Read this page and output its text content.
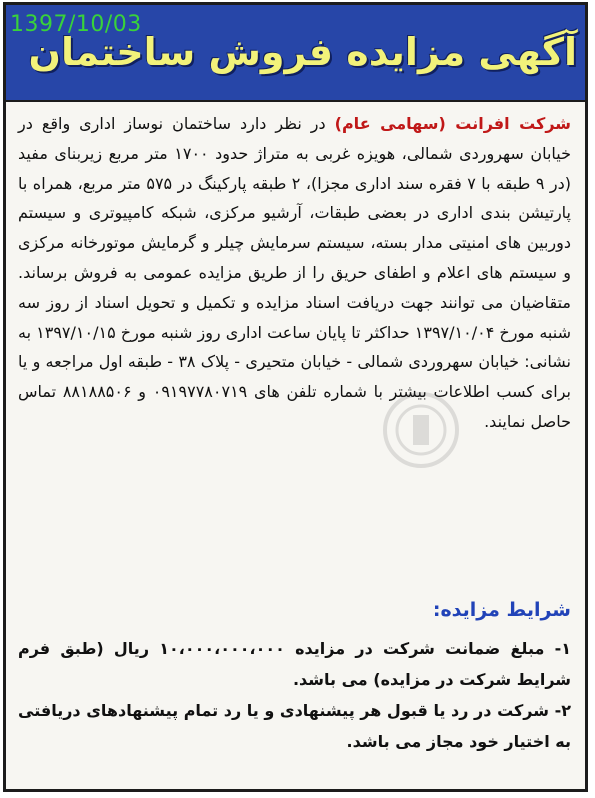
آگهی مزایده فروش ساختمان

شرکت افرانت (سهامی عام) در نظر دارد ساختمان نوساز اداری واقع در خیابان سهروردی شمالی، هویزه غربی به متراژ حدود ۱۷۰۰ متر مربع زیربنای مفید (در ۹ طبقه با ۷ فقره سند اداری مجزا)، ۲ طبقه پارکینگ در ۵۷۵ متر مربع، همراه با پارتیشن بندی اداری در بعضی طبقات، آرشیو مرکزی، شبکه کامپیوتری و سیستم دوربین های امنیتی مدار بسته، سیستم سرمایش چیلر و گرمایش موتورخانه مرکزی و سیستم های اعلام و اطفای حریق را از طریق مزایده عمومی به فروش برساند. متقاضیان می توانند جهت دریافت اسناد مزایده و تکمیل و تحویل اسناد از روز سه شنبه مورخ ۱۳۹۷/۱۰/۰۴ حداکثر تا پایان ساعت اداری روز شنبه مورخ ۱۳۹۷/۱۰/۱۵ به نشانی: خیابان سهروردی شمالی - خیابان متحیری - پلاک ۳۸ - طبقه اول مراجعه و یا برای کسب اطلاعات بیشتر با شماره تلفن های ۰۹۱۹۷۷۸۰۷۱۹ و ۸۸۱۸۸۵۰۶ تماس حاصل نمایند.

شرایط مزایده:

۱- مبلغ ضمانت شرکت در مزایده ۱۰،۰۰۰،۰۰۰،۰۰۰ ریال (طبق فرم شرایط شرکت در مزایده) می باشد.

۲- شرکت در رد یا قبول هر پیشنهادی و یا رد تمام پیشنهادهای دریافتی به اختیار خود مجاز می باشد.

1397/10/03
